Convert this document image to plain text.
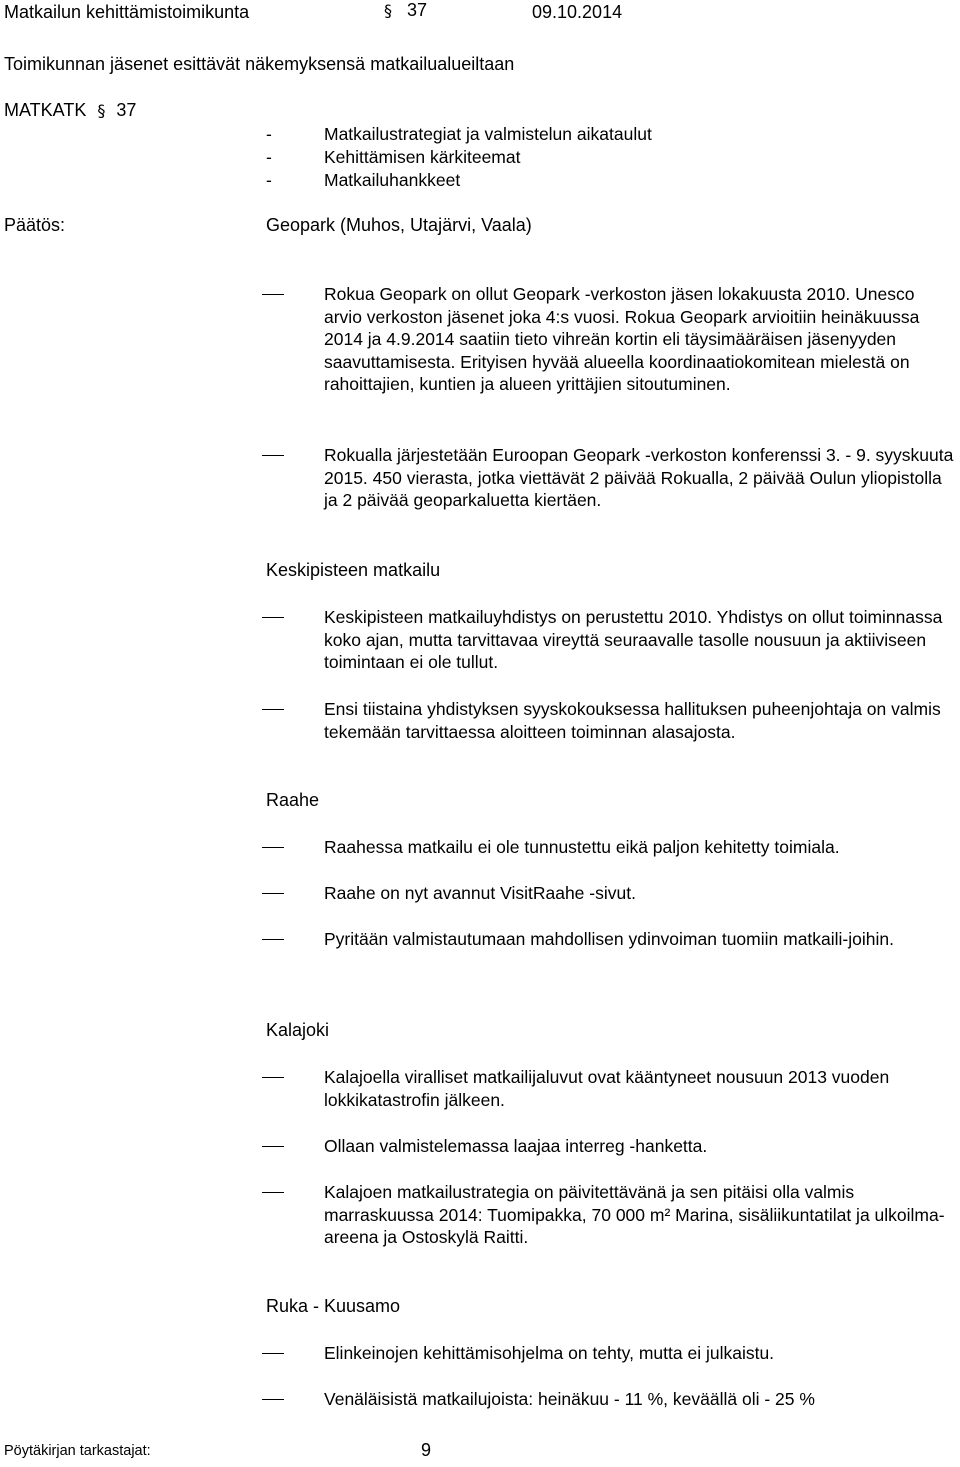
Matkailun kehittämistoimikunta	§ 37	09.10.2014
Toimikunnan jäsenet esittävät näkemyksensä matkailualueiltaan
MATKATK § 37
-	Matkailustrategiat ja valmistelun aikataulut
-	Kehittämisen kärkiteemat
-	Matkailuhankkeet
Päätös:	Geopark (Muhos, Utajärvi, Vaala)
Rokua Geopark on ollut Geopark -verkoston jäsen lokakuusta 2010. Unesco arvio verkoston jäsenet joka 4:s vuosi. Rokua Geopark arvioitiin heinäkuussa 2014 ja 4.9.2014 saatiin tieto vihreän kortin eli täysimääräisen jäsenyyden saavuttamisesta. Erityisen hyvää alueella koordinaatiokomitean mielestä on rahoittajien, kuntien ja alueen yrittäjien sitoutuminen.
Rokualla järjestetään Euroopan Geopark -verkoston konferenssi 3. - 9. syyskuuta 2015. 450 vierasta, jotka viettävät 2 päivää Rokualla, 2 päivää Oulun yliopistolla ja 2 päivää geoparkaluetta kiertäen.
Keskipisteen matkailu
Keskipisteen matkailuyhdistys on perustettu 2010. Yhdistys on ollut toiminnassa koko ajan, mutta tarvittavaa vireyttä seuraavalle tasolle nousuun ja aktiiviseen toimintaan ei ole tullut.
Ensi tiistaina yhdistyksen syyskokouksessa hallituksen puheenjohtaja on valmis tekemään tarvittaessa aloitteen toiminnan alasajosta.
Raahe
Raahessa matkailu ei ole tunnustettu eikä paljon kehitetty toimiala.
Raahe on nyt avannut VisitRaahe -sivut.
Pyritään valmistautumaan mahdollisen ydinvoiman tuomiin matkaili-joihin.
Kalajoki
Kalajoella viralliset matkailijaluvut ovat kääntyneet nousuun 2013 vuoden lokkikatastrofin jälkeen.
Ollaan valmistelemassa laajaa interreg -hanketta.
Kalajoen matkailustrategia on päivitettävänä ja sen pitäisi olla valmis marraskuussa 2014: Tuomipakka, 70 000 m² Marina, sisäliikuntatilat ja ulkoilma-areena ja Ostoskylä Raitti.
Ruka - Kuusamo
Elinkeinojen kehittämisohjelma on tehty, mutta ei julkaistu.
Venäläisistä matkailujoista: heinäkuu - 11 %, keväällä oli - 25 %
Pöytäkirjan tarkastajat:	9
